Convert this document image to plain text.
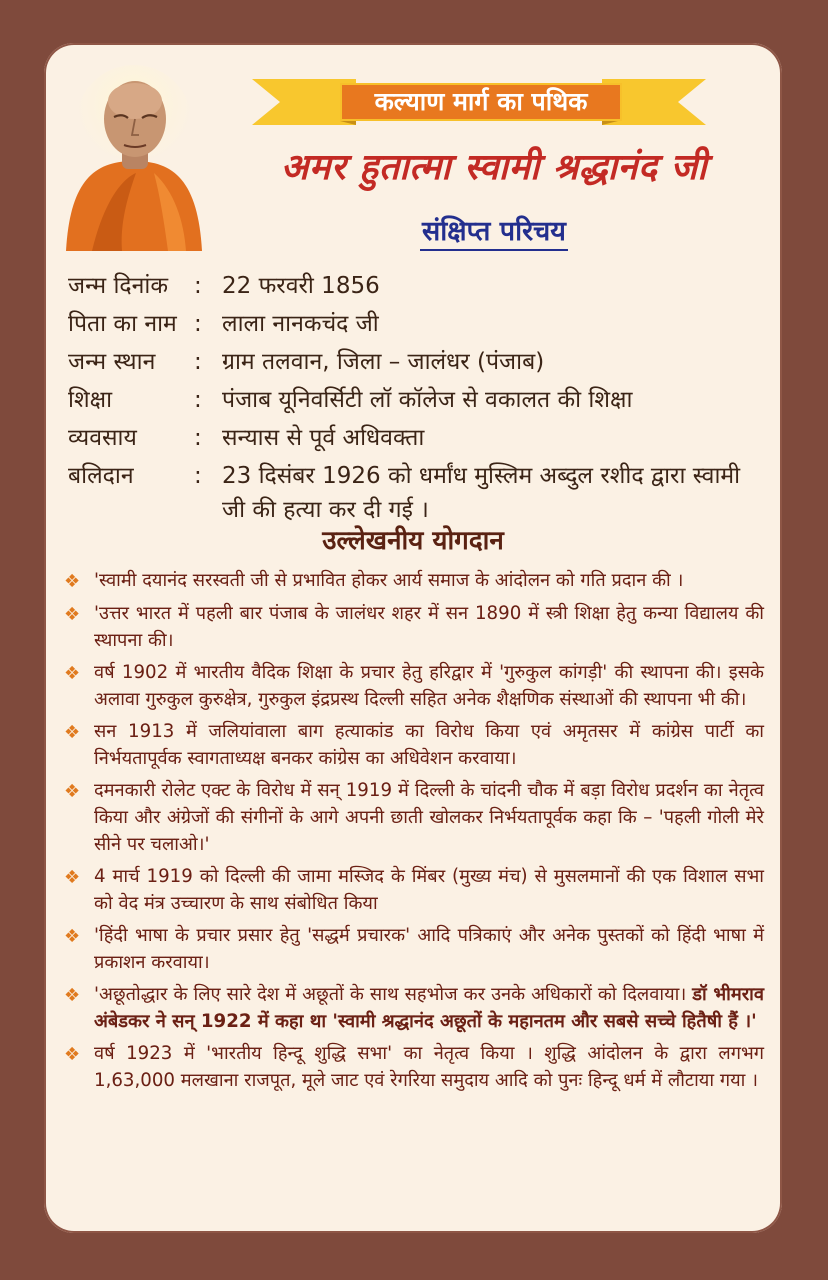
कल्याण मार्ग का पथिक
अमर हुतात्मा स्वामी श्रद्धानंद जी
संक्षिप्त परिचय
जन्म दिनांक	: 22 फरवरी 1856
पिता का नाम : लाला नानकचंद जी
जन्म स्थान	: ग्राम तलवान, जिला – जालंधर (पंजाब)
शिक्षा	: पंजाब यूनिवर्सिटी लॉ कॉलेज से वकालत की शिक्षा
व्यवसाय	: सन्यास से पूर्व अधिवक्ता
बलिदान	: 23 दिसंबर 1926 को धर्मांध मुस्लिम अब्दुल रशीद द्वारा स्वामी जी की हत्या कर दी गई ।
उल्लेखनीय योगदान
❖ 'स्वामी दयानंद सरस्वती जी से प्रभावित होकर आर्य समाज के आंदोलन को गति प्रदान की ।
❖ 'उत्तर भारत में पहली बार पंजाब के जालंधर शहर में सन 1890 में स्त्री शिक्षा हेतु कन्या विद्यालय की स्थापना की।
❖ वर्ष 1902 में भारतीय वैदिक शिक्षा के प्रचार हेतु हरिद्वार में 'गुरुकुल कांगड़ी' की स्थापना की। इसके अलावा गुरुकुल कुरुक्षेत्र, गुरुकुल इंद्रप्रस्थ दिल्ली सहित अनेक शैक्षणिक संस्थाओं की स्थापना भी की।
❖ सन 1913 में जलियांवाला बाग हत्याकांड का विरोध किया एवं अमृतसर में कांग्रेस पार्टी का निर्भयतापूर्वक स्वागताध्यक्ष बनकर कांग्रेस का अधिवेशन करवाया।
❖ दमनकारी रोलेट एक्ट के विरोध में सन् 1919 में दिल्ली के चांदनी चौक में बड़ा विरोध प्रदर्शन का नेतृत्व किया और अंग्रेजों की संगीनों के आगे अपनी छाती खोलकर निर्भयतापूर्वक कहा कि – 'पहली गोली मेरे सीने पर चलाओ।'
❖ 4 मार्च 1919 को दिल्ली की जामा मस्जिद के मिंबर (मुख्य मंच) से मुसलमानों की एक विशाल सभा को वेद मंत्र उच्चारण के साथ संबोधित किया
❖ 'हिंदी भाषा के प्रचार प्रसार हेतु 'सद्धर्म प्रचारक' आदि पत्रिकाएं और अनेक पुस्तकों को हिंदी भाषा में प्रकाशन करवाया।
❖ 'अछूतोद्धार के लिए सारे देश में अछूतों के साथ सहभोज कर उनके अधिकारों को दिलवाया। डॉ भीमराव अंबेडकर ने सन् 1922 में कहा था 'स्वामी श्रद्धानंद अछूतों के महानतम और सबसे सच्चे हितैषी हैं ।'
❖ वर्ष 1923 में 'भारतीय हिन्दू शुद्धि सभा' का नेतृत्व किया । शुद्धि आंदोलन के द्वारा लगभग 1,63,000 मलखाना राजपूत, मूले जाट एवं रेगरिया समुदाय आदि को पुनः हिन्दू धर्म में लौटाया गया ।
